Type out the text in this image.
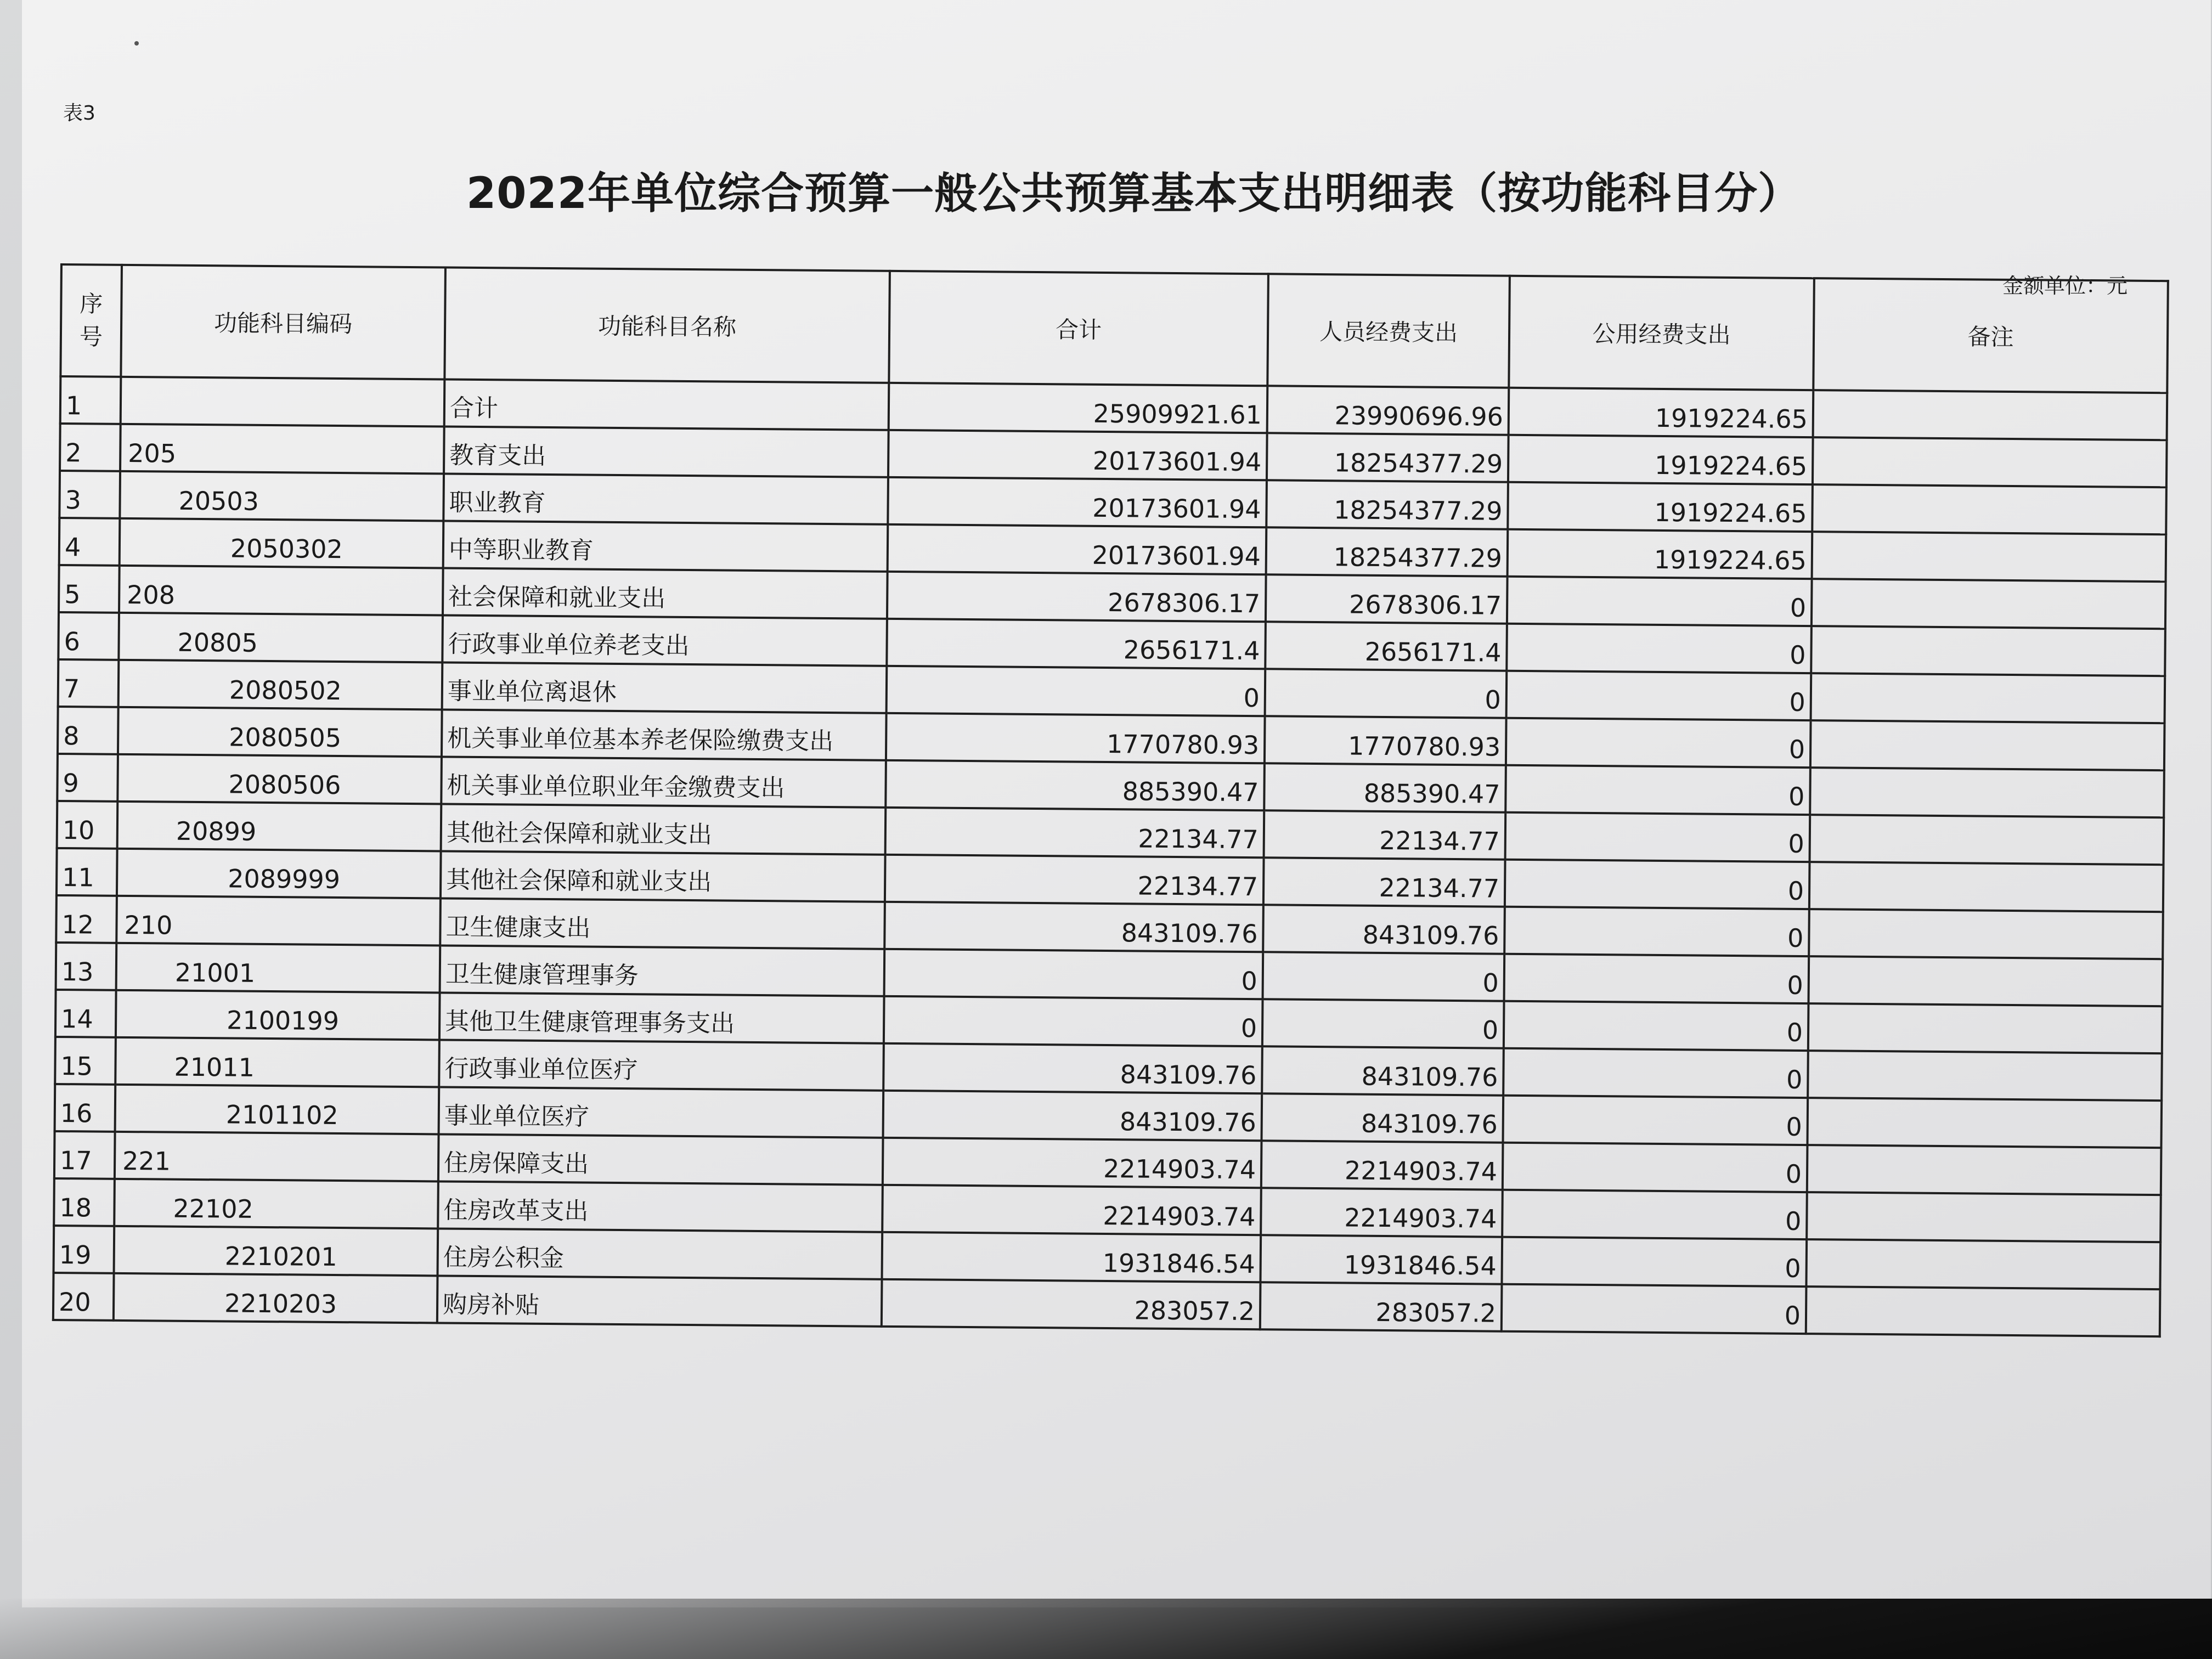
表3
2022年单位综合预算一般公共预算基本支出明细表（按功能科目分）
金额单位：元
序号	功能科目编码	功能科目名称	合计	人员经费支出	公用经费支出	备注
1		合计	25909921.61	23990696.96	1919224.65	
2	205	教育支出	20173601.94	18254377.29	1919224.65	
3	20503	职业教育	20173601.94	18254377.29	1919224.65	
4	2050302	中等职业教育	20173601.94	18254377.29	1919224.65	
5	208	社会保障和就业支出	2678306.17	2678306.17	0	
6	20805	行政事业单位养老支出	2656171.4	2656171.4	0	
7	2080502	事业单位离退休	0	0	0	
8	2080505	机关事业单位基本养老保险缴费支出	1770780.93	1770780.93	0	
9	2080506	机关事业单位职业年金缴费支出	885390.47	885390.47	0	
10	20899	其他社会保障和就业支出	22134.77	22134.77	0	
11	2089999	其他社会保障和就业支出	22134.77	22134.77	0	
12	210	卫生健康支出	843109.76	843109.76	0	
13	21001	卫生健康管理事务	0	0	0	
14	2100199	其他卫生健康管理事务支出	0	0	0	
15	21011	行政事业单位医疗	843109.76	843109.76	0	
16	2101102	事业单位医疗	843109.76	843109.76	0	
17	221	住房保障支出	2214903.74	2214903.74	0	
18	22102	住房改革支出	2214903.74	2214903.74	0	
19	2210201	住房公积金	1931846.54	1931846.54	0	
20	2210203	购房补贴	283057.2	283057.2	0	
